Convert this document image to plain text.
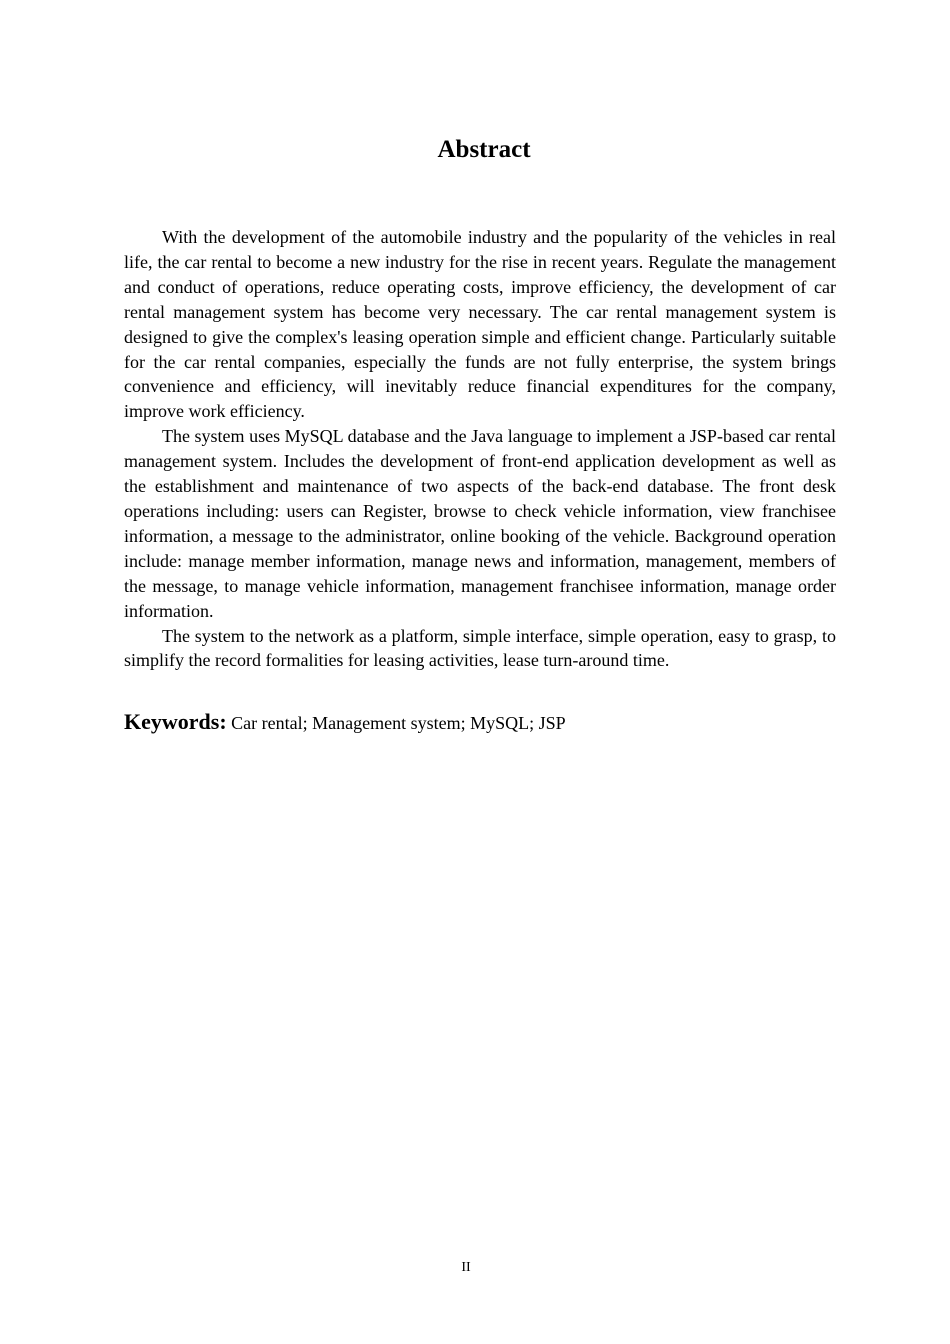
Abstract

With the development of the automobile industry and the popularity of the vehicles in real life, the car rental to become a new industry for the rise in recent years. Regulate the management and conduct of operations, reduce operating costs, improve efficiency, the development of car rental management system has become very necessary. The car rental management system is designed to give the complex's leasing operation simple and efficient change. Particularly suitable for the car rental companies, especially the funds are not fully enterprise, the system brings convenience and efficiency, will inevitably reduce financial expenditures for the company, improve work efficiency.

The system uses MySQL database and the Java language to implement a JSP-based car rental management system. Includes the development of front-end application development as well as the establishment and maintenance of two aspects of the back-end database. The front desk operations including: users can Register, browse to check vehicle information, view franchisee information, a message to the administrator, online booking of the vehicle. Background operation include: manage member information, manage news and information, management, members of the message, to manage vehicle information, management franchisee information, manage order information.

The system to the network as a platform, simple interface, simple operation, easy to grasp, to simplify the record formalities for leasing activities, lease turn-around time.

Keywords: Car rental; Management system; MySQL; JSP

II
